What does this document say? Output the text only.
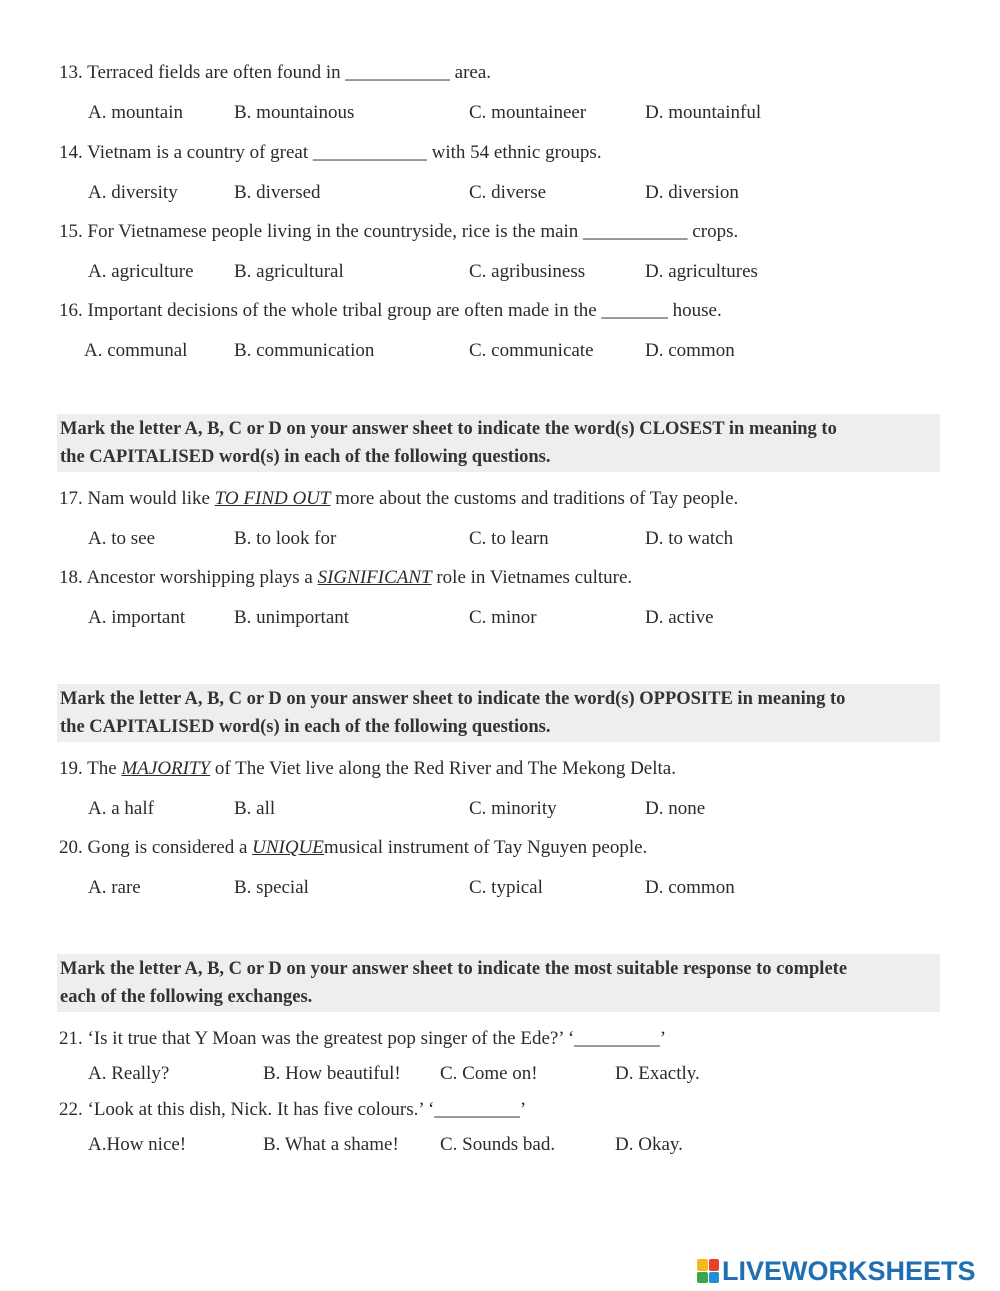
13. Terraced fields are often found in ___________ area.
A. mountain	B. mountainous	C. mountaineer	D. mountainful
14. Vietnam is a country of great ____________ with 54 ethnic groups.
A. diversity	B. diversed	C. diverse	D. diversion
15. For Vietnamese people living in the countryside, rice is the main ___________ crops.
A. agriculture B. agricultural	C. agribusiness	D. agricultures
16. Important decisions of the whole tribal group are often made in the _______ house.
A. communal B. communication	C. communicate	D. common
Mark the letter A, B, C or D on your answer sheet to indicate the word(s) CLOSEST in meaning to
the CAPITALISED word(s) in each of the following questions.
17. Nam would like TO FIND OUT more about the customs and traditions of Tay people.
A. to see	B. to look for	C. to learn	D. to watch
18. Ancestor worshipping plays a SIGNIFICANT role in Vietnames culture.
A. important	B. unimportant	C. minor	D. active
Mark the letter A, B, C or D on your answer sheet to indicate the word(s) OPPOSITE in meaning to
the CAPITALISED word(s) in each of the following questions.
19. The MAJORITY of The Viet live along the Red River and The Mekong Delta.
A. a half	B. all	C. minority	D. none
20. Gong is considered a UNIQUEmusical instrument of Tay Nguyen people.
A. rare	B. special	C. typical	D. common
Mark the letter A, B, C or D on your answer sheet to indicate the most suitable response to complete
each of the following exchanges.
21. ‘Is it true that Y Moan was the greatest pop singer of the Ede?’ ‘_________’
A. Really?	B. How beautiful! C. Come on!	D. Exactly.
22. ‘Look at this dish, Nick. It has five colours.’ ‘_________’
A.How nice!	B. What a shame! C. Sounds bad.	D. Okay.
LIVEWORKSHEETS
